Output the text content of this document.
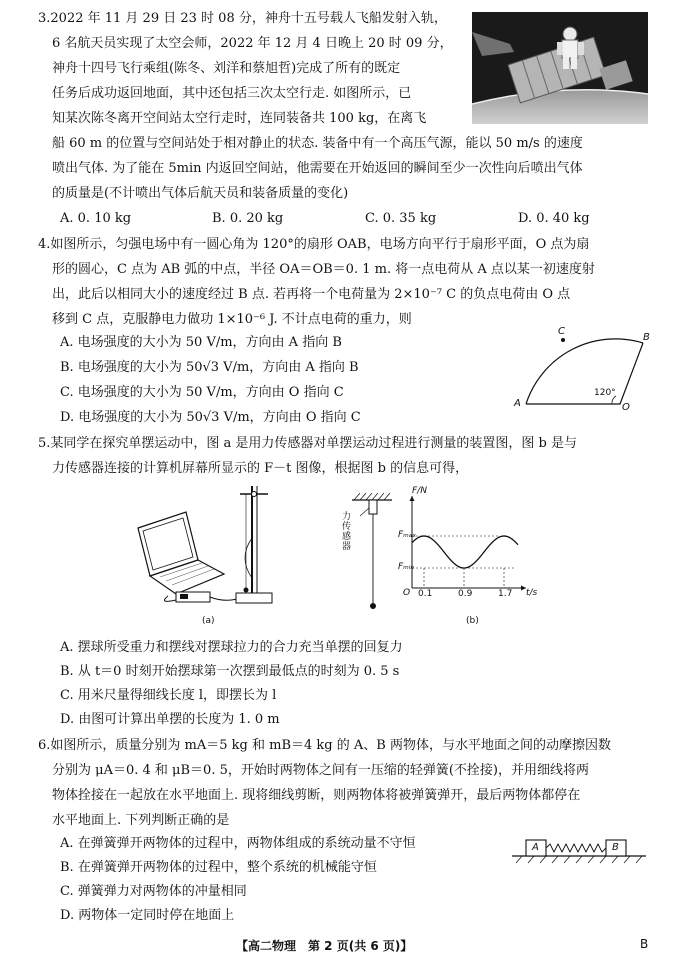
3.2022 年 11 月 29 日 23 时 08 分，神舟十五号载人飞船发射入轨，
6 名航天员实现了太空会师，2022 年 12 月 4 日晚上 20 时 09 分，
神舟十四号飞行乘组(陈冬、刘洋和蔡旭哲)完成了所有的既定
任务后成功返回地面，其中还包括三次太空行走. 如图所示，已
知某次陈冬离开空间站太空行走时，连同装备共 100 kg，在离飞
船 60 m 的位置与空间站处于相对静止的状态. 装备中有一个高压气源，能以 50 m/s 的速度
喷出气体. 为了能在 5min 内返回空间站，他需要在开始返回的瞬间至少一次性向后喷出气体
的质量是(不计喷出气体后航天员和装备质量的变化)
A. 0. 10 kg	B. 0. 20 kg	C. 0. 35 kg	D. 0. 40 kg
4.如图所示，匀强电场中有一圆心角为 120°的扇形 OAB，电场方向平行于扇形平面，O 点为扇
形的圆心，C 点为 AB 弧的中点，半径 OA＝OB＝0. 1 m. 将一点电荷从 A 点以某一初速度射
出，此后以相同大小的速度经过 B 点. 若再将一个电荷量为 2×10⁻⁷ C 的负点电荷由 O 点
移到 C 点，克服静电力做功 1×10⁻⁶ J. 不计点电荷的重力，则
A. 电场强度的大小为 50 V/m，方向由 A 指向 B
B. 电场强度的大小为 50√3 V/m，方向由 A 指向 B
C. 电场强度的大小为 50 V/m，方向由 O 指向 C
D. 电场强度的大小为 50√3 V/m，方向由 O 指向 C
A
B
C
O
120°
5.某同学在探究单摆运动中，图 a 是用力传感器对单摆运动过程进行测量的装置图，图 b 是与
力传感器连接的计算机屏幕所显示的 F－t 图像，根据图 b 的信息可得，
(a)
力传感器
F/N
t/s
Fₘₐₓ
Fₘᵢₙ
O 0.1	0.9	1.7
(b)
A. 摆球所受重力和摆线对摆球拉力的合力充当单摆的回复力
B. 从 t＝0 时刻开始摆球第一次摆到最低点的时刻为 0. 5 s
C. 用米尺量得细线长度 l，即摆长为 l
D. 由图可计算出单摆的长度为 1. 0 m
6.如图所示，质量分别为 mA＝5 kg 和 mB＝4 kg 的 A、B 两物体，与水平地面之间的动摩擦因数
分别为 μA＝0. 4 和 μB＝0. 5，开始时两物体之间有一压缩的轻弹簧(不拴接)，并用细线将两
物体拴接在一起放在水平地面上. 现将细线剪断，则两物体将被弹簧弹开，最后两物体都停在
水平地面上. 下列判断正确的是
A. 在弹簧弹开两物体的过程中，两物体组成的系统动量不守恒
B. 在弹簧弹开两物体的过程中，整个系统的机械能守恒
C. 弹簧弹力对两物体的冲量相同
D. 两物体一定同时停在地面上
A	B
【高二物理　第 2 页(共 6 页)】	B
